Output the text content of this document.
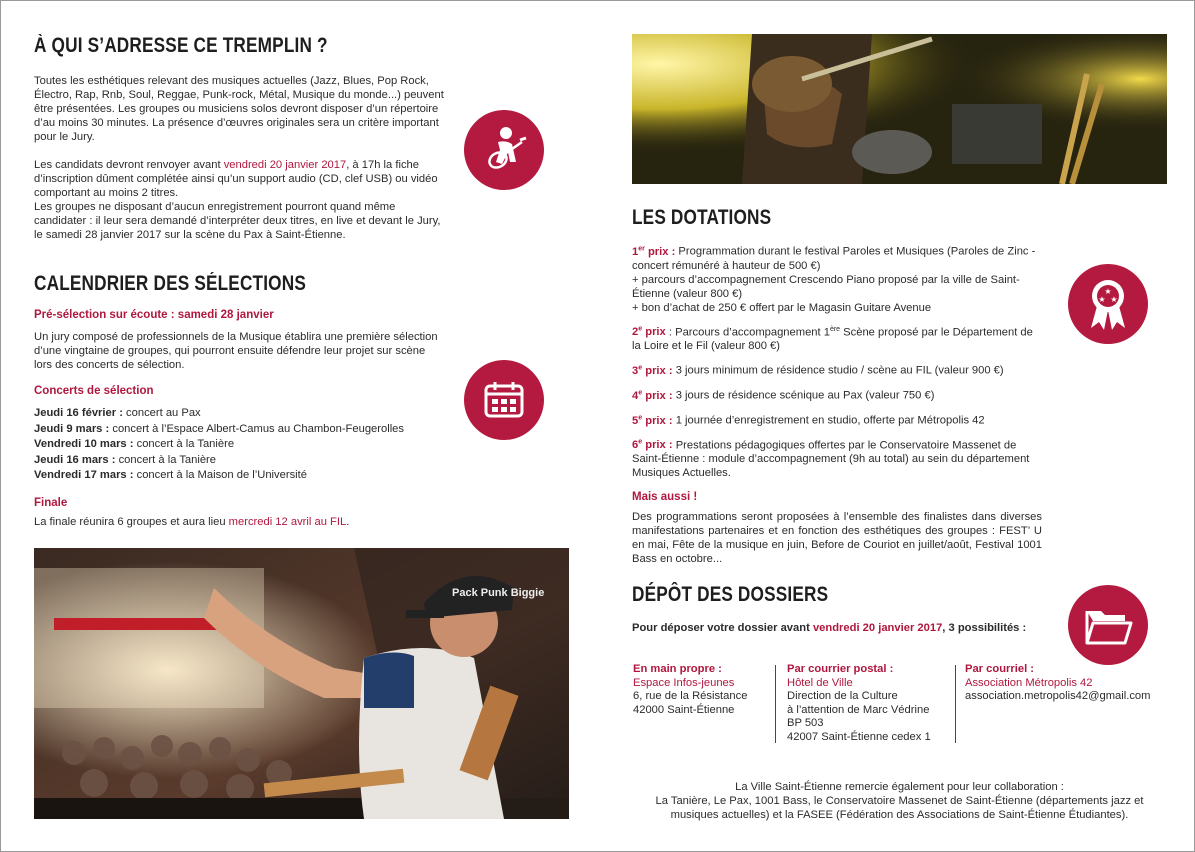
À QUI S’ADRESSE CE TREMPLIN ?

Toutes les esthétiques relevant des musiques actuelles (Jazz, Blues, Pop Rock, Électro, Rap, Rnb, Soul, Reggae, Punk-rock, Métal, Musique du monde...) peuvent être présentées. Les groupes ou musiciens solos devront disposer d’un répertoire d’au moins 30 minutes. La présence d’œuvres originales sera un critère important pour le Jury.

Les candidats devront renvoyer avant vendredi 20 janvier 2017, à 17h la fiche d’inscription dûment complétée ainsi qu’un support audio (CD, clef USB) ou vidéo comportant au moins 2 titres.

Les groupes ne disposant d’aucun enregistrement pourront quand même candidater : il leur sera demandé d’interpréter deux titres, en live et devant le Jury, le samedi 28 janvier 2017 sur la scène du Pax à Saint-Étienne.

CALENDRIER DES SÉLECTIONS

Pré-sélection sur écoute : samedi 28 janvier

Un jury composé de professionnels de la Musique établira une première sélection d’une vingtaine de groupes, qui pourront ensuite défendre leur projet sur scène lors des concerts de sélection.

Concerts de sélection

Jeudi 16 février : concert au Pax
Jeudi 9 mars : concert à l’Espace Albert-Camus au Chambon-Feugerolles
Vendredi 10 mars : concert à la Tanière
Jeudi 16 mars : concert à la Tanière
Vendredi 17 mars : concert à la Maison de l’Université

Finale

La finale réunira 6 groupes et aura lieu mercredi 12 avril au FIL.

Pack Punk Biggie
LES DOTATIONS

1er prix : Programmation durant le festival Paroles et Musiques (Paroles de Zinc - concert rémunéré à hauteur de 500 €)

+ parcours d’accompagnement Crescendo Piano proposé par la ville de Saint-Étienne (valeur 800 €)

+ bon d’achat de 250 € offert par le Magasin Guitare Avenue

2e prix : Parcours d’accompagnement 1ère Scène proposé par le Département de la Loire et le Fil (valeur 800 €)

3e prix : 3 jours minimum de résidence studio / scène au FIL (valeur 900 €)

4e prix : 3 jours de résidence scénique au Pax (valeur 750 €)

5e prix : 1 journée d’enregistrement en studio, offerte par Métropolis 42

6e prix : Prestations pédagogiques offertes par le Conservatoire Massenet de Saint-Étienne : module d’accompagnement (9h au total) au sein du département Musiques Actuelles.

Mais aussi !

Des programmations seront proposées à l’ensemble des finalistes dans diverses manifestations partenaires et en fonction des esthétiques des groupes : FEST’ U en mai, Fête de la musique en juin, Before de Couriot en juillet/août, Festival 1001 Bass en octobre...

★
★ ★
DÉPÔT DES DOSSIERS

Pour déposer votre dossier avant vendredi 20 janvier 2017, 3 possibilités :

En main propre :
Espace Infos-jeunes
6, rue de la Résistance
42000 Saint-Étienne
Par courrier postal :
Hôtel de Ville
Direction de la Culture
à l’attention de Marc Védrine
BP 503
42007 Saint-Étienne cedex 1
Par courriel :
Association Métropolis 42
association.metropolis42@gmail.com
La Ville Saint-Étienne remercie également pour leur collaboration :
La Tanière, Le Pax, 1001 Bass, le Conservatoire Massenet de Saint-Étienne (départements jazz et musiques actuelles) et la FASEE (Fédération des Associations de Saint-Étienne Étudiantes).
